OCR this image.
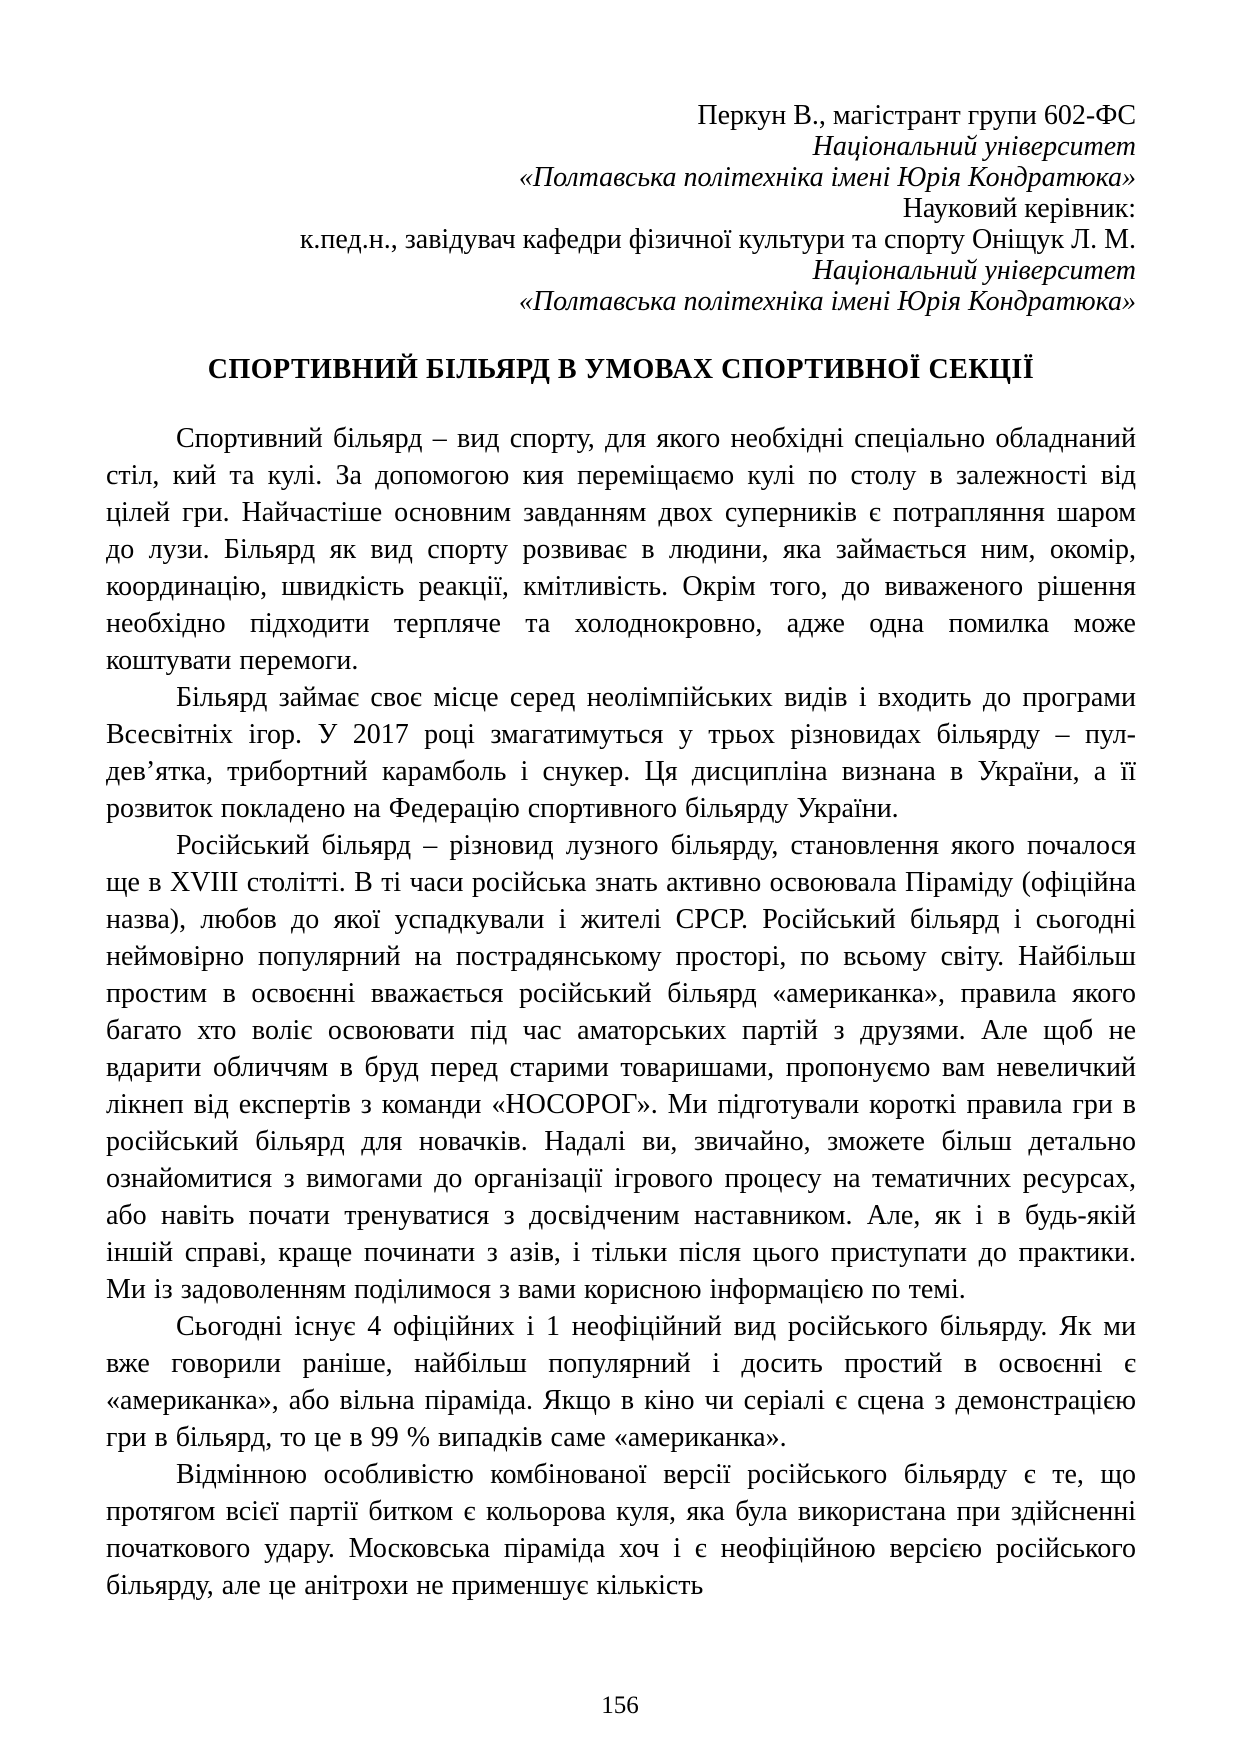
Перкун В., магістрант групи 602-ФС
Національний університет
«Полтавська політехніка імені Юрія Кондратюка»
Науковий керівник:
к.пед.н., завідувач кафедри фізичної культури та спорту Оніщук Л. М.
Національний університет
«Полтавська політехніка імені Юрія Кондратюка»
СПОРТИВНИЙ БІЛЬЯРД В УМОВАХ СПОРТИВНОЇ СЕКЦІЇ

Спортивний більярд – вид спорту, для якого необхідні спеціально обладнаний стіл, кий та кулі. За допомогою кия переміщаємо кулі по столу в залежності від цілей гри. Найчастіше основним завданням двох суперників є потрапляння шаром до лузи. Більярд як вид спорту розвиває в людини, яка займається ним, окомір, координацію, швидкість реакції, кмітливість. Окрім того, до виваженого рішення необхідно підходити терпляче та холоднокровно, адже одна помилка може коштувати перемоги.

Більярд займає своє місце серед неолімпійських видів і входить до програми Всесвітніх ігор. У 2017 році змагатимуться у трьох різновидах більярду – пул-дев’ятка, трибортний карамболь і снукер. Ця дисципліна визнана в України, а її розвиток покладено на Федерацію спортивного більярду України.

Російський більярд – різновид лузного більярду, становлення якого почалося ще в XVIII столітті. В ті часи російська знать активно освоювала Піраміду (офіційна назва), любов до якої успадкували і жителі СРСР. Російський більярд і сьогодні неймовірно популярний на пострадянському просторі, по всьому світу. Найбільш простим в освоєнні вважається російський більярд «американка», правила якого багато хто воліє освоювати під час аматорських партій з друзями. Але щоб не вдарити обличчям в бруд перед старими товаришами, пропонуємо вам невеличкий лікнеп від експертів з команди «НОСОРОГ». Ми підготували короткі правила гри в російський більярд для новачків. Надалі ви, звичайно, зможете більш детально ознайомитися з вимогами до організації ігрового процесу на тематичних ресурсах, або навіть почати тренуватися з досвідченим наставником. Але, як і в будь-якій іншій справі, краще починати з азів, і тільки після цього приступати до практики. Ми із задоволенням поділимося з вами корисною інформацією по темі.

Сьогодні існує 4 офіційних і 1 неофіційний вид російського більярду. Як ми вже говорили раніше, найбільш популярний і досить простий в освоєнні є «американка», або вільна піраміда. Якщо в кіно чи серіалі є сцена з демонстрацією гри в більярд, то це в 99 % випадків саме «американка».

Відмінною особливістю комбінованої версії російського більярду є те, що протягом всієї партії битком є кольорова куля, яка була використана при здійсненні початкового удару. Московська піраміда хоч і є неофіційною версією російського більярду, але це анітрохи не применшує кількість

156
